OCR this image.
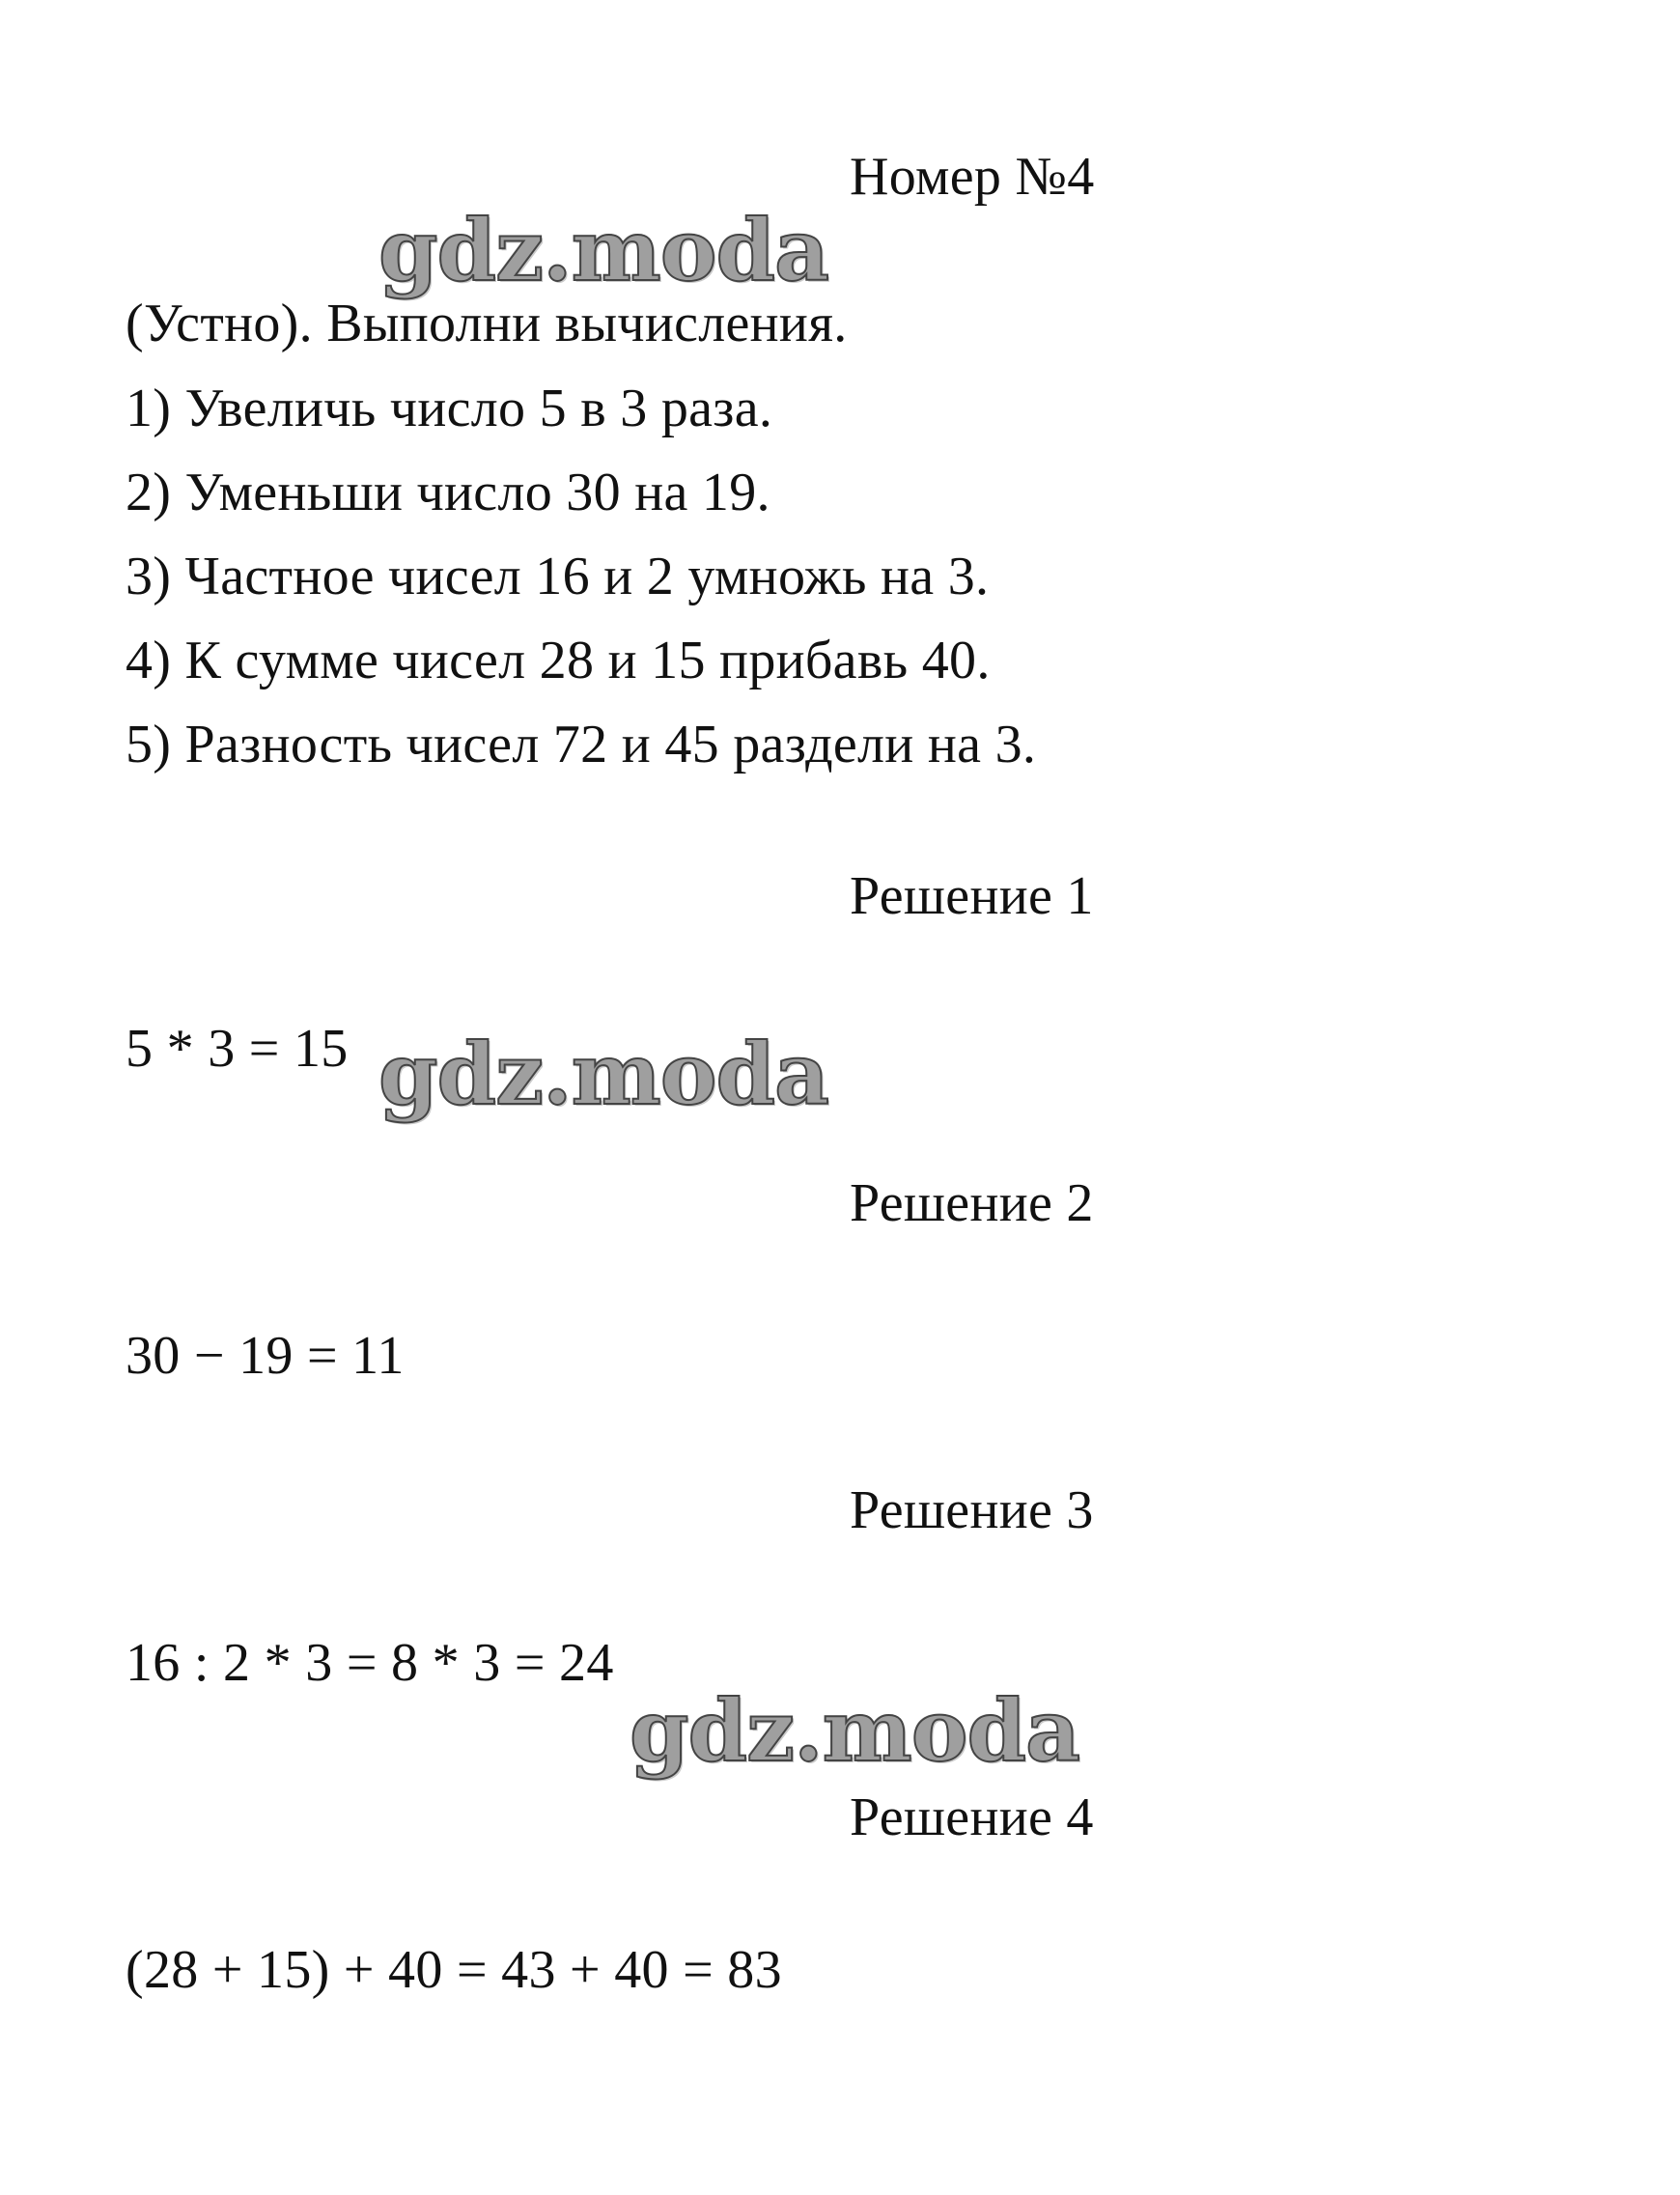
Номер №4
gdz.moda
(Устно). Выполни вычисления.
1) Увеличь число 5 в 3 раза.
2) Уменьши число 30 на 19.
3) Частное чисел 16 и 2 умножь на 3.
4) К сумме чисел 28 и 15 прибавь 40.
5) Разность чисел 72 и 45 раздели на 3.
Решение 1
5 * 3 = 15 gdz.moda
Решение 2
30 − 19 = 11
Решение 3
16 : 2 * 3 = 8 * 3 = 24
gdz.moda
Решение 4
(28 + 15) + 40 = 43 + 40 = 83
